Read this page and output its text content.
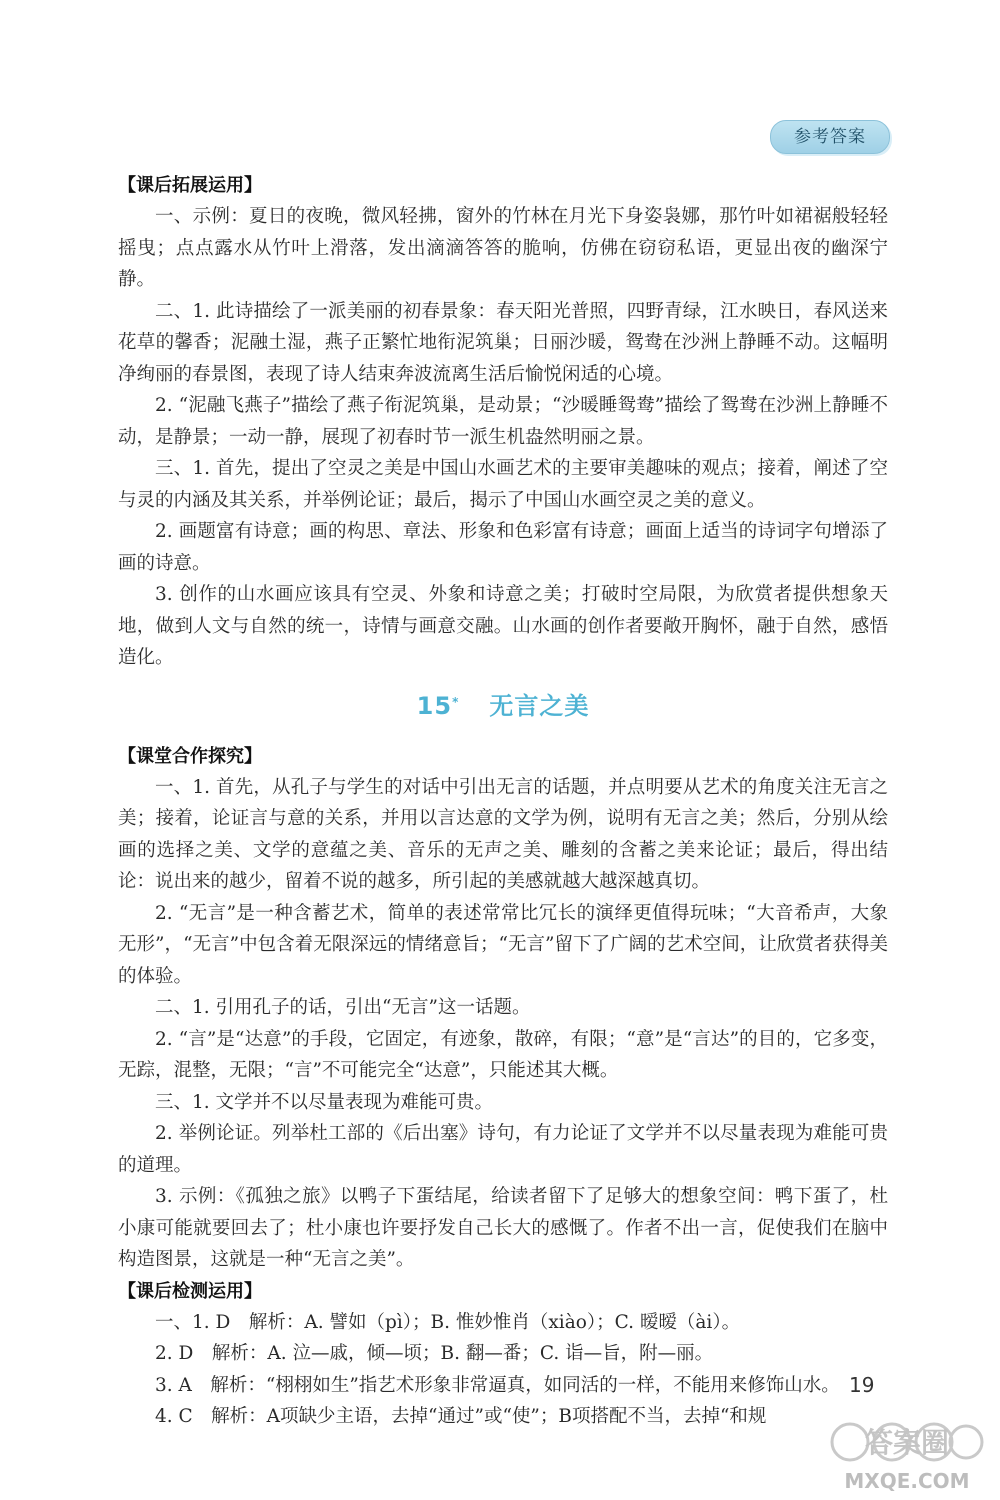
参考答案
【课后拓展运用】

一、示例：夏日的夜晚，微风轻拂，窗外的竹林在月光下身姿袅娜，那竹叶如裙裾般轻轻摇曳；点点露水从竹叶上滑落，发出滴滴答答的脆响，仿佛在窃窃私语，更显出夜的幽深宁静。

二、1. 此诗描绘了一派美丽的初春景象：春天阳光普照，四野青绿，江水映日，春风送来花草的馨香；泥融土湿，燕子正繁忙地衔泥筑巢；日丽沙暖，鸳鸯在沙洲上静睡不动。这幅明净绚丽的春景图，表现了诗人结束奔波流离生活后愉悦闲适的心境。

2. “泥融飞燕子”描绘了燕子衔泥筑巢，是动景；“沙暖睡鸳鸯”描绘了鸳鸯在沙洲上静睡不动，是静景；一动一静，展现了初春时节一派生机盎然明丽之景。

三、1. 首先，提出了空灵之美是中国山水画艺术的主要审美趣味的观点；接着，阐述了空与灵的内涵及其关系，并举例论证；最后，揭示了中国山水画空灵之美的意义。

2. 画题富有诗意；画的构思、章法、形象和色彩富有诗意；画面上适当的诗词字句增添了画的诗意。

3. 创作的山水画应该具有空灵、外象和诗意之美；打破时空局限，为欣赏者提供想象天地，做到人文与自然的统一，诗情与画意交融。山水画的创作者要敞开胸怀，融于自然，感悟造化。

15* 无言之美
【课堂合作探究】

一、1. 首先，从孔子与学生的对话中引出无言的话题，并点明要从艺术的角度关注无言之美；接着，论证言与意的关系，并用以言达意的文学为例，说明有无言之美；然后，分别从绘画的选择之美、文学的意蕴之美、音乐的无声之美、雕刻的含蓄之美来论证；最后，得出结论：说出来的越少，留着不说的越多，所引起的美感就越大越深越真切。

2. “无言”是一种含蓄艺术，简单的表述常常比冗长的演绎更值得玩味；“大音希声，大象无形”，“无言”中包含着无限深远的情绪意旨；“无言”留下了广阔的艺术空间，让欣赏者获得美的体验。

二、1. 引用孔子的话，引出“无言”这一话题。

2. “言”是“达意”的手段，它固定，有迹象，散碎，有限；“意”是“言达”的目的，它多变，无踪，混整，无限；“言”不可能完全“达意”，只能述其大概。

三、1. 文学并不以尽量表现为难能可贵。

2. 举例论证。列举杜工部的《后出塞》诗句，有力论证了文学并不以尽量表现为难能可贵的道理。

3. 示例：《孤独之旅》以鸭子下蛋结尾，给读者留下了足够大的想象空间：鸭下蛋了，杜小康可能就要回去了；杜小康也许要抒发自己长大的感慨了。作者不出一言，促使我们在脑中构造图景，这就是一种“无言之美”。

【课后检测运用】

一、1. D　解析：A. 譬如（pì）；B. 惟妙惟肖（xiào）；C. 暧暧（ài）。

2. D　解析：A. 泣—戚，倾—顷；B. 翻—番；C. 诣—旨，附—丽。

3. A　解析：“栩栩如生”指艺术形象非常逼真，如同活的一样，不能用来修饰山水。

4. C　解析：A项缺少主语，去掉“通过”或“使”；B项搭配不当，去掉“和规

19
答案圈
MXQE.COM
